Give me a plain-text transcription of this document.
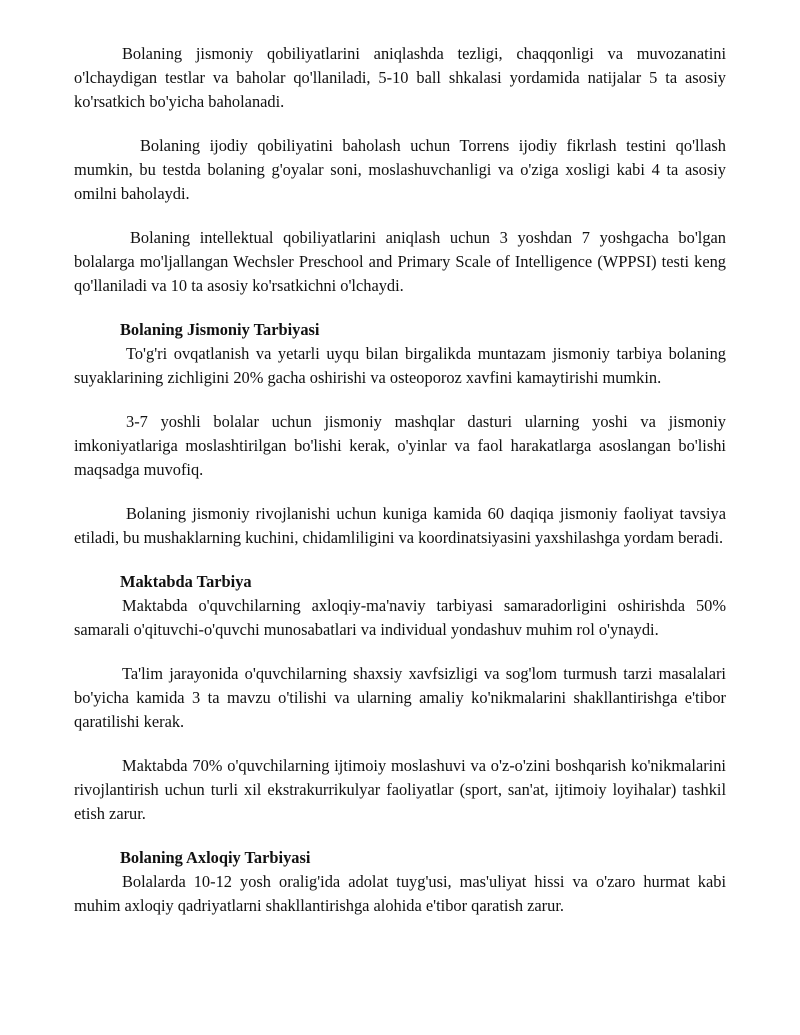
Bolaning jismoniy qobiliyatlarini aniqlashda tezligi, chaqqonligi va muvozanatini o'lchaydigan testlar va baholar qo'llaniladi, 5-10 ball shkalasi yordamida natijalar 5 ta asosiy ko'rsatkich bo'yicha baholanadi.

Bolaning ijodiy qobiliyatini baholash uchun Torrens ijodiy fikrlash testini qo'llash mumkin, bu testda bolaning g'oyalar soni, moslashuvchanligi va o'ziga xosligi kabi 4 ta asosiy omilni baholaydi.

Bolaning intellektual qobiliyatlarini aniqlash uchun 3 yoshdan 7 yoshgacha bo'lgan bolalarga mo'ljallangan Wechsler Preschool and Primary Scale of Intelligence (WPPSI) testi keng qo'llaniladi va 10 ta asosiy ko'rsatkichni o'lchaydi.

Bolaning Jismoniy Tarbiyasi

To'g'ri ovqatlanish va yetarli uyqu bilan birgalikda muntazam jismoniy tarbiya bolaning suyaklarining zichligini 20% gacha oshirishi va osteoporoz xavfini kamaytirishi mumkin.

3-7 yoshli bolalar uchun jismoniy mashqlar dasturi ularning yoshi va jismoniy imkoniyatlariga moslashtirilgan bo'lishi kerak, o'yinlar va faol harakatlarga asoslangan bo'lishi maqsadga muvofiq.

Bolaning jismoniy rivojlanishi uchun kuniga kamida 60 daqiqa jismoniy faoliyat tavsiya etiladi, bu mushaklarning kuchini, chidamliligini va koordinatsiyasini yaxshilashga yordam beradi.

Maktabda Tarbiya

Maktabda o'quvchilarning axloqiy-ma'naviy tarbiyasi samaradorligini oshirishda 50% samarali o'qituvchi-o'quvchi munosabatlari va individual yondashuv muhim rol o'ynaydi.

Ta'lim jarayonida o'quvchilarning shaxsiy xavfsizligi va sog'lom turmush tarzi masalalari bo'yicha kamida 3 ta mavzu o'tilishi va ularning amaliy ko'nikmalarini shakllantirishga e'tibor qaratilishi kerak.

Maktabda 70% o'quvchilarning ijtimoiy moslashuvi va o'z-o'zini boshqarish ko'nikmalarini rivojlantirish uchun turli xil ekstrakurrikulyar faoliyatlar (sport, san'at, ijtimoiy loyihalar) tashkil etish zarur.

Bolaning Axloqiy Tarbiyasi

Bolalarda 10-12 yosh oralig'ida adolat tuyg'usi, mas'uliyat hissi va o'zaro hurmat kabi muhim axloqiy qadriyatlarni shakllantirishga alohida e'tibor qaratish zarur.
